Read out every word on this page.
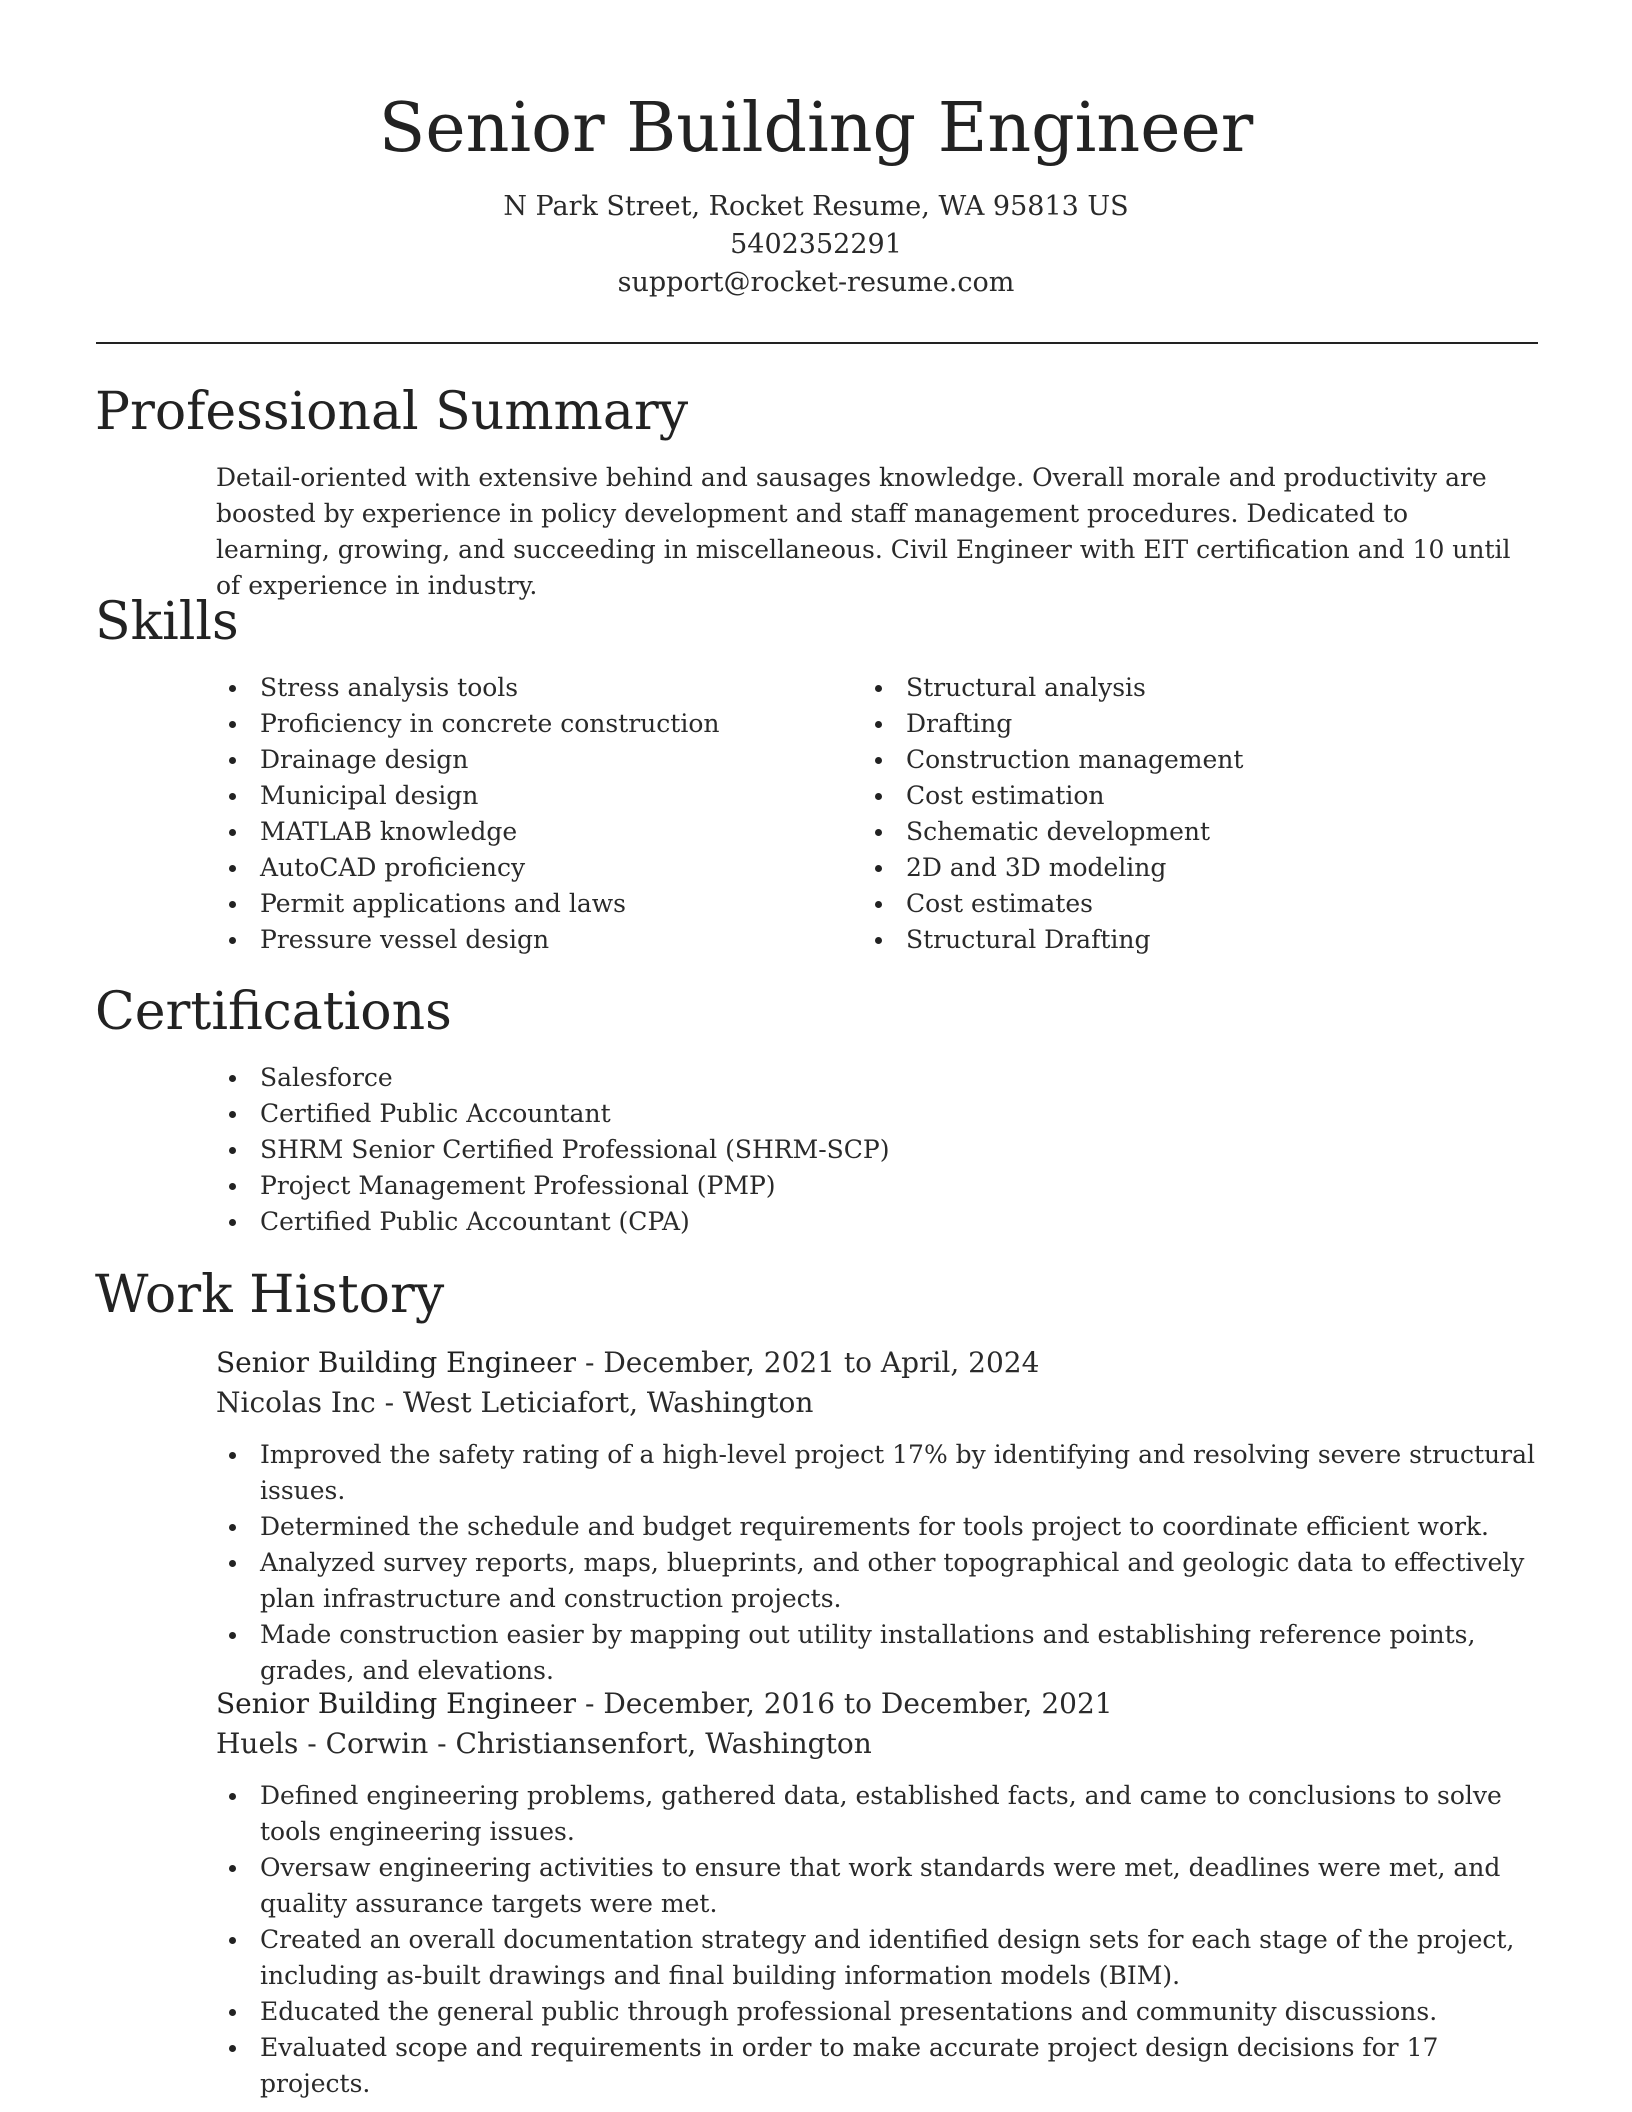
Senior Building Engineer
N Park Street, Rocket Resume, WA 95813 US
5402352291
support@rocket-resume.com
Professional Summary
Detail-oriented with extensive behind and sausages knowledge. Overall morale and productivity are boosted by experience in policy development and staff management procedures. Dedicated to learning, growing, and succeeding in miscellaneous. Civil Engineer with EIT certification and 10 until of experience in industry.
Skills
Stress analysis tools
Proficiency in concrete construction
Drainage design
Municipal design
MATLAB knowledge
AutoCAD proficiency
Permit applications and laws
Pressure vessel design
Structural analysis
Drafting
Construction management
Cost estimation
Schematic development
2D and 3D modeling
Cost estimates
Structural Drafting
Certifications
Salesforce
Certified Public Accountant
SHRM Senior Certified Professional (SHRM-SCP)
Project Management Professional (PMP)
Certified Public Accountant (CPA)
Work History
Senior Building Engineer - December, 2021 to April, 2024
Nicolas Inc - West Leticiafort, Washington
Improved the safety rating of a high-level project 17% by identifying and resolving severe structural issues.
Determined the schedule and budget requirements for tools project to coordinate efficient work.
Analyzed survey reports, maps, blueprints, and other topographical and geologic data to effectively plan infrastructure and construction projects.
Made construction easier by mapping out utility installations and establishing reference points, grades, and elevations.
Senior Building Engineer - December, 2016 to December, 2021
Huels - Corwin - Christiansenfort, Washington
Defined engineering problems, gathered data, established facts, and came to conclusions to solve tools engineering issues.
Oversaw engineering activities to ensure that work standards were met, deadlines were met, and quality assurance targets were met.
Created an overall documentation strategy and identified design sets for each stage of the project, including as-built drawings and final building information models (BIM).
Educated the general public through professional presentations and community discussions.
Evaluated scope and requirements in order to make accurate project design decisions for 17 projects.
